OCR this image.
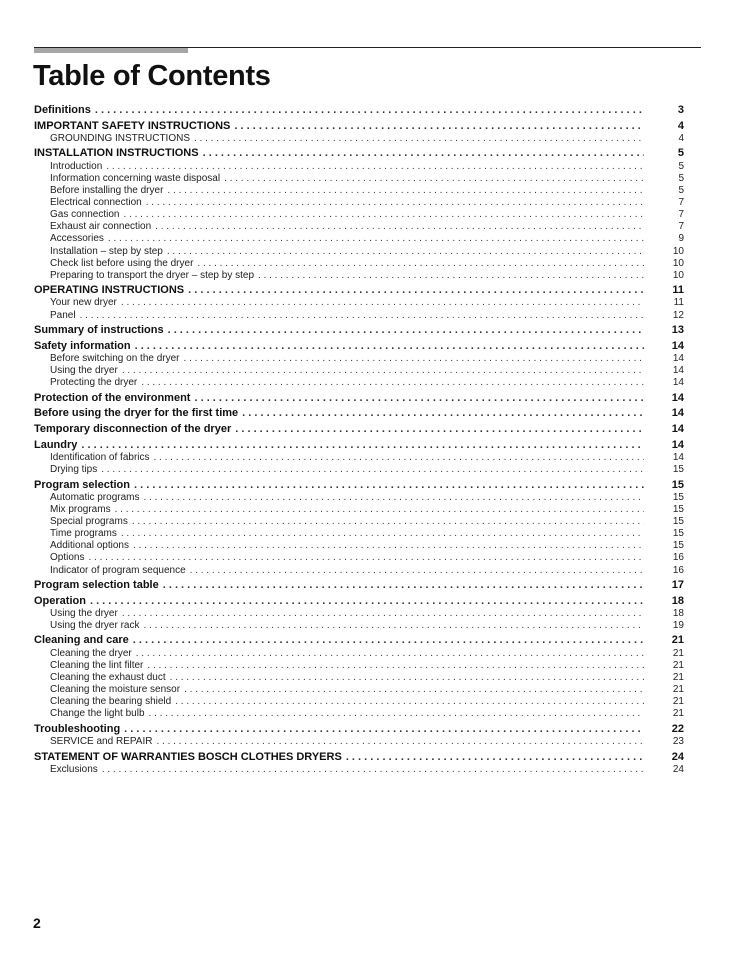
Table of Contents
Definitions . . .	3
IMPORTANT SAFETY INSTRUCTIONS . . .	4
GROUNDING INSTRUCTIONS . . .	4
INSTALLATION INSTRUCTIONS . . .	5
Introduction . . .	5
Information concerning waste disposal . . .	5
Before installing the dryer . . .	5
Electrical connection . . .	7
Gas connection . . .	7
Exhaust air connection . . .	7
Accessories . . .	9
Installation – step by step . . .	10
Check list before using the dryer . . .	10
Preparing to transport the dryer – step by step . . .	10
OPERATING INSTRUCTIONS . . .	11
Your new dryer . . .	11
Panel . . .	12
Summary of instructions . . .	13
Safety information . . .	14
Before switching on the dryer . . .	14
Using the dryer . . .	14
Protecting the dryer . . .	14
Protection of the environment . . .	14
Before using the dryer for the first time . . .	14
Temporary disconnection of the dryer . . .	14
Laundry . . .	14
Identification of fabrics . . .	14
Drying tips . . .	15
Program selection . . .	15
Automatic programs . . .	15
Mix programs . . .	15
Special programs . . .	15
Time programs . . .	15
Additional options . . .	15
Options . . .	16
Indicator of program sequence . . .	16
Program selection table . . .	17
Operation . . .	18
Using the dryer . . .	18
Using the dryer rack . . .	19
Cleaning and care . . .	21
Cleaning the dryer . . .	21
Cleaning the lint filter . . .	21
Cleaning the exhaust duct . . .	21
Cleaning the moisture sensor . . .	21
Cleaning the bearing shield . . .	21
Change the light bulb . . .	21
Troubleshooting . . .	22
SERVICE and REPAIR . . .	23
STATEMENT OF WARRANTIES BOSCH CLOTHES DRYERS . . .	24
Exclusions . . .	24
2
